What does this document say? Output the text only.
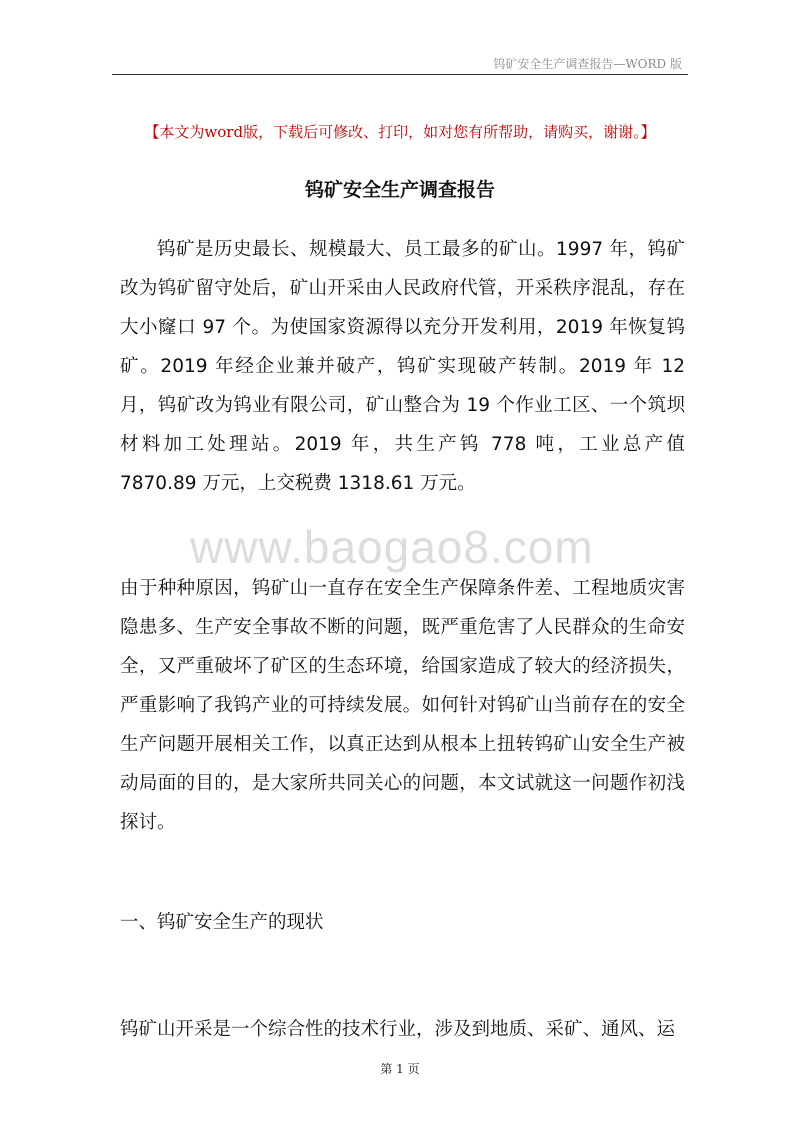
钨矿安全生产调查报告—WORD 版
【本文为word版，下载后可修改、打印，如对您有所帮助，请购买，谢谢。】
钨矿安全生产调查报告

钨矿是历史最长、规模最大、员工最多的矿山。1997 年，钨矿改为钨矿留守处后，矿山开采由人民政府代管，开采秩序混乱，存在大小窿口 97 个。为使国家资源得以充分开发利用，2019 年恢复钨矿。2019 年经企业兼并破产，钨矿实现破产转制。2019 年 12 月，钨矿改为钨业有限公司，矿山整合为 19 个作业工区、一个筑坝材料加工处理站。2019 年，共生产钨 778 吨，工业总产值 7870.89 万元，上交税费 1318.61 万元。

www.baogao8.com

由于种种原因，钨矿山一直存在安全生产保障条件差、工程地质灾害隐患多、生产安全事故不断的问题，既严重危害了人民群众的生命安全，又严重破坏了矿区的生态环境，给国家造成了较大的经济损失，严重影响了我钨产业的可持续发展。如何针对钨矿山当前存在的安全生产问题开展相关工作，以真正达到从根本上扭转钨矿山安全生产被动局面的目的，是大家所共同关心的问题，本文试就这一问题作初浅探讨。

一、钨矿安全生产的现状

钨矿山开采是一个综合性的技术行业，涉及到地质、采矿、通风、运

第 1 页
